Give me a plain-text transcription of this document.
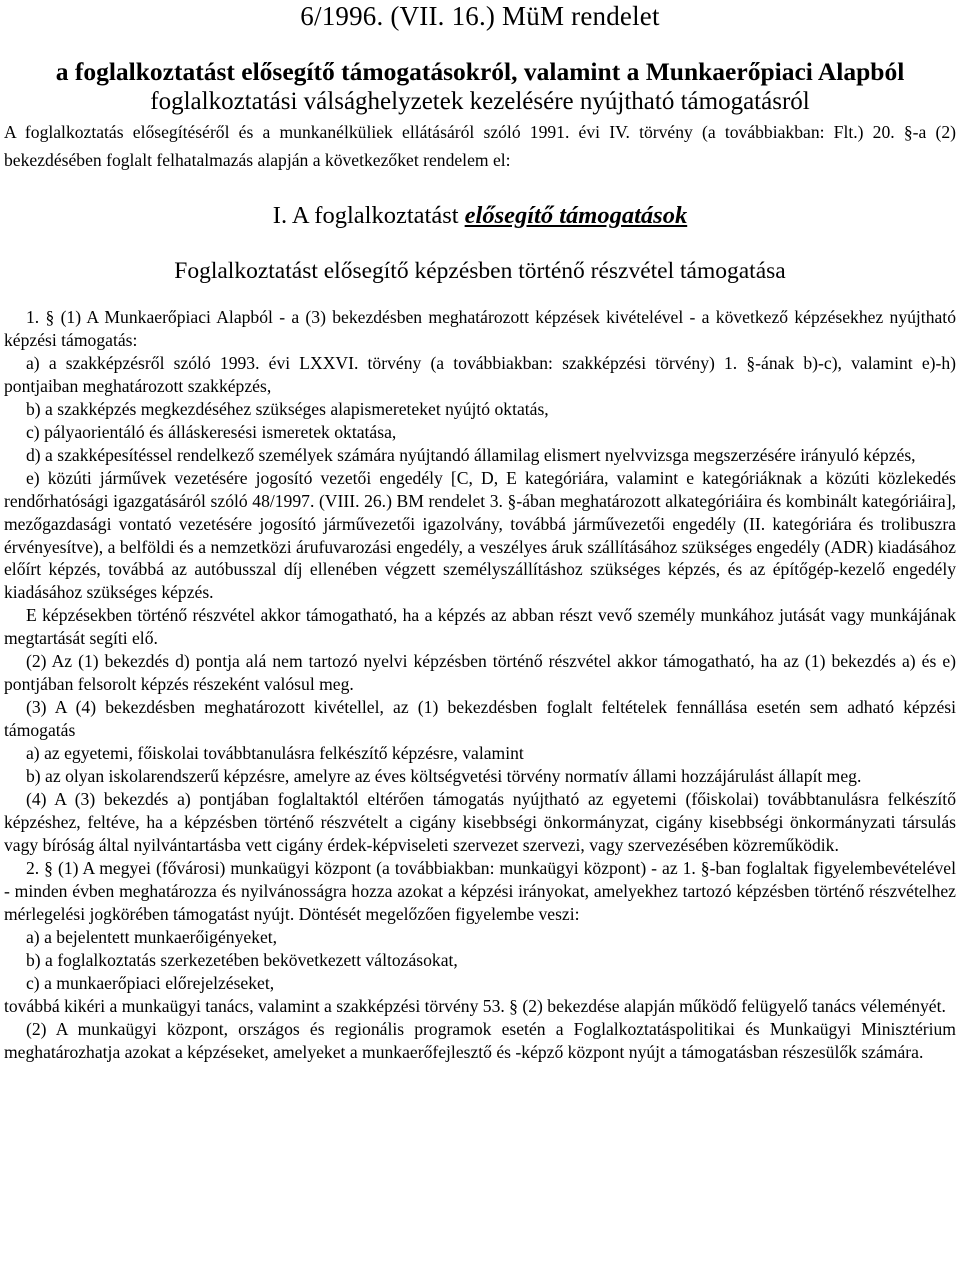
6/1996. (VII. 16.) MüM rendelet
a foglalkoztatást elősegítő támogatásokról, valamint a Munkaerőpiaci Alapból
foglalkoztatási válsághelyzetek kezelésére nyújtható támogatásról

A foglalkoztatás elősegítéséről és a munkanélküliek ellátásáról szóló 1991. évi IV. törvény (a továbbiakban: Flt.) 20. §-a (2) bekezdésében foglalt felhatalmazás alapján a következőket rendelem el:

I. A foglalkoztatást elősegítő támogatások
Foglalkoztatást elősegítő képzésben történő részvétel támogatása

1. § (1) A Munkaerőpiaci Alapból - a (3) bekezdésben meghatározott képzések kivételével - a következő képzésekhez nyújtható képzési támogatás:

a) a szakképzésről szóló 1993. évi LXXVI. törvény (a továbbiakban: szakképzési törvény) 1. §-ának b)-c), valamint e)-h) pontjaiban meghatározott szakképzés,

b) a szakképzés megkezdéséhez szükséges alapismereteket nyújtó oktatás,

c) pályaorientáló és álláskeresési ismeretek oktatása,

d) a szakképesítéssel rendelkező személyek számára nyújtandó államilag elismert nyelvvizsga megszerzésére irányuló képzés,

e) közúti járművek vezetésére jogosító vezetői engedély [C, D, E kategóriára, valamint e kategóriáknak a közúti közlekedés rendőrhatósági igazgatásáról szóló 48/1997. (VIII. 26.) BM rendelet 3. §-ában meghatározott alkategóriáira és kombinált kategóriáira], mezőgazdasági vontató vezetésére jogosító járművezetői igazolvány, továbbá járművezetői engedély (II. kategóriára és trolibuszra érvényesítve), a belföldi és a nemzetközi árufuvarozási engedély, a veszélyes áruk szállításához szükséges engedély (ADR) kiadásához előírt képzés, továbbá az autóbusszal díj ellenében végzett személyszállításhoz szükséges képzés, és az építőgép-kezelő engedély kiadásához szükséges képzés.

E képzésekben történő részvétel akkor támogatható, ha a képzés az abban részt vevő személy munkához jutását vagy munkájának megtartását segíti elő.

(2) Az (1) bekezdés d) pontja alá nem tartozó nyelvi képzésben történő részvétel akkor támogatható, ha az (1) bekezdés a) és e) pontjában felsorolt képzés részeként valósul meg.

(3) A (4) bekezdésben meghatározott kivétellel, az (1) bekezdésben foglalt feltételek fennállása esetén sem adható képzési támogatás

a) az egyetemi, főiskolai továbbtanulásra felkészítő képzésre, valamint

b) az olyan iskolarendszerű képzésre, amelyre az éves költségvetési törvény normatív állami hozzájárulást állapít meg.

(4) A (3) bekezdés a) pontjában foglaltaktól eltérően támogatás nyújtható az egyetemi (főiskolai) továbbtanulásra felkészítő képzéshez, feltéve, ha a képzésben történő részvételt a cigány kisebbségi önkormányzat, cigány kisebbségi önkormányzati társulás vagy bíróság által nyilvántartásba vett cigány érdek-képviseleti szervezet szervezi, vagy szervezésében közreműködik.

2. § (1) A megyei (fővárosi) munkaügyi központ (a továbbiakban: munkaügyi központ) - az 1. §-ban foglaltak figyelembevételével - minden évben meghatározza és nyilvánosságra hozza azokat a képzési irányokat, amelyekhez tartozó képzésben történő részvételhez mérlegelési jogkörében támogatást nyújt. Döntését megelőzően figyelembe veszi:

a) a bejelentett munkaerőigényeket,

b) a foglalkoztatás szerkezetében bekövetkezett változásokat,

c) a munkaerőpiaci előrejelzéseket,

továbbá kikéri a munkaügyi tanács, valamint a szakképzési törvény 53. § (2) bekezdése alapján működő felügyelő tanács véleményét.

(2) A munkaügyi központ, országos és regionális programok esetén a Foglalkoztatáspolitikai és Munkaügyi Minisztérium meghatározhatja azokat a képzéseket, amelyeket a munkaerőfejlesztő és -képző központ nyújt a támogatásban részesülők számára.
